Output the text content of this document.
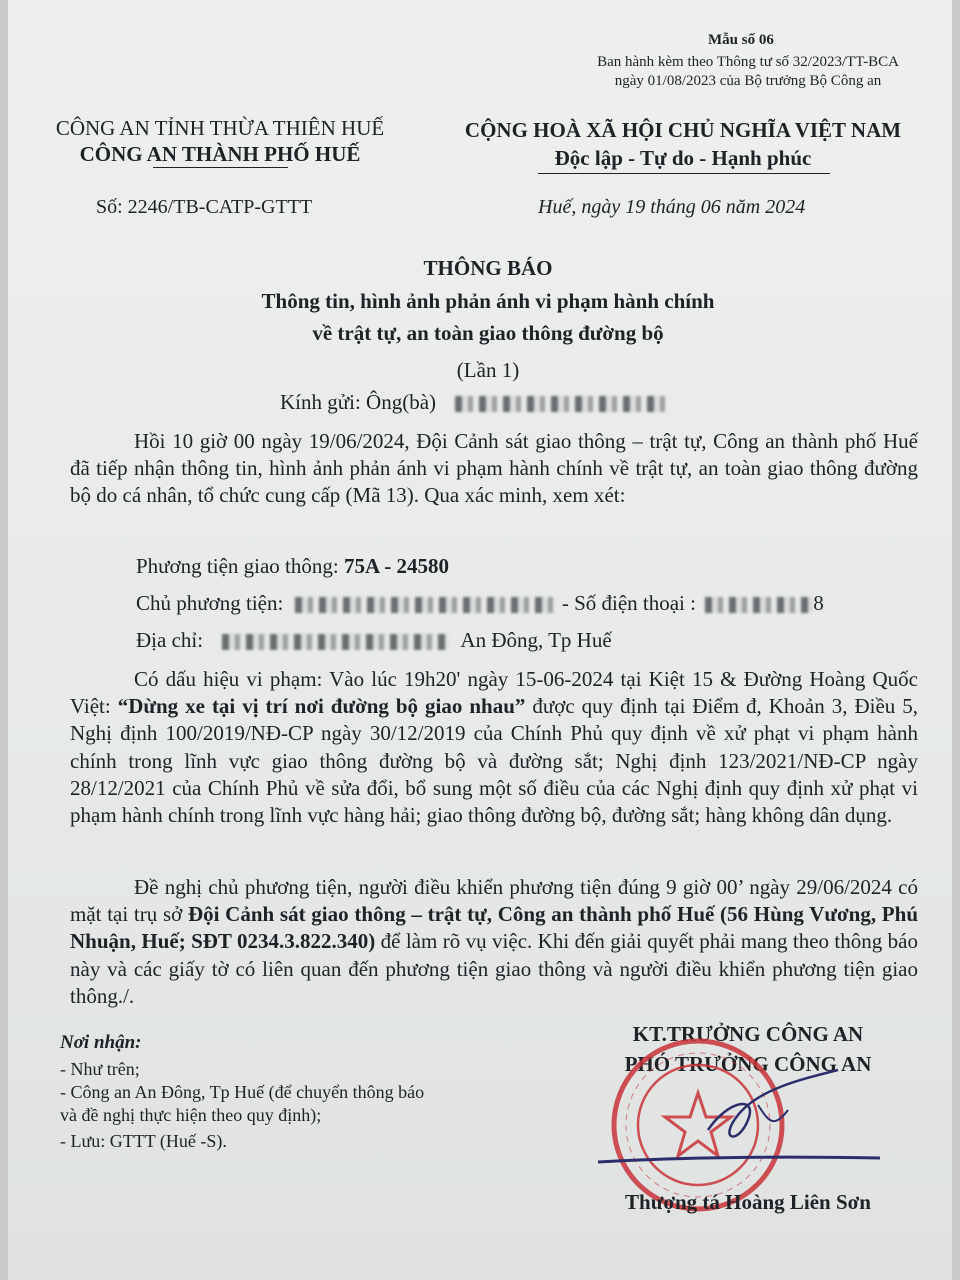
Mẫu số 06
Ban hành kèm theo Thông tư số 32/2023/TT-BCA
ngày 01/08/2023 của Bộ trưởng Bộ Công an
CÔNG AN TỈNH THỪA THIÊN HUẾ
CÔNG AN THÀNH PHỐ HUẾ
CỘNG HOÀ XÃ HỘI CHỦ NGHĨA VIỆT NAM
Độc lập - Tự do - Hạnh phúc
Số: 2246/TB-CATP-GTTT	Huế, ngày 19 tháng 06 năm 2024
THÔNG BÁO
Thông tin, hình ảnh phản ánh vi phạm hành chính
về trật tự, an toàn giao thông đường bộ
(Lần 1)
Kính gửi: Ông(bà)

Hồi 10 giờ 00 ngày 19/06/2024, Đội Cảnh sát giao thông – trật tự, Công an thành phố Huế đã tiếp nhận thông tin, hình ảnh phản ánh vi phạm hành chính về trật tự, an toàn giao thông đường bộ do cá nhân, tổ chức cung cấp (Mã 13). Qua xác minh, xem xét:

Phương tiện giao thông: 75A - 24580
Chủ phương tiện:	- Số điện thoại :	8
Địa chỉ:	An Đông, Tp Huế

Có dấu hiệu vi phạm: Vào lúc 19h20' ngày 15-06-2024 tại Kiệt 15 & Đường Hoàng Quốc Việt: “Dừng xe tại vị trí nơi đường bộ giao nhau” được quy định tại Điểm đ, Khoản 3, Điều 5, Nghị định 100/2019/NĐ-CP ngày 30/12/2019 của Chính Phủ quy định về xử phạt vi phạm hành chính trong lĩnh vực giao thông đường bộ và đường sắt; Nghị định 123/2021/NĐ-CP ngày 28/12/2021 của Chính Phủ về sửa đổi, bổ sung một số điều của các Nghị định quy định xử phạt vi phạm hành chính trong lĩnh vực hàng hải; giao thông đường bộ, đường sắt; hàng không dân dụng.

Đề nghị chủ phương tiện, người điều khiển phương tiện đúng 9 giờ 00’ ngày 29/06/2024 có mặt tại trụ sở Đội Cảnh sát giao thông – trật tự, Công an thành phố Huế (56 Hùng Vương, Phú Nhuận, Huế; SĐT 0234.3.822.340) để làm rõ vụ việc. Khi đến giải quyết phải mang theo thông báo này và các giấy tờ có liên quan đến phương tiện giao thông và người điều khiển phương tiện giao thông./.

Nơi nhận:
- Như trên;
- Công an An Đông, Tp Huế (để chuyển thông báo
và đề nghị thực hiện theo quy định);
- Lưu: GTTT (Huế -S).
KT.TRƯỞNG CÔNG AN
PHÓ TRƯỞNG CÔNG AN
Thượng tá Hoàng Liên Sơn
